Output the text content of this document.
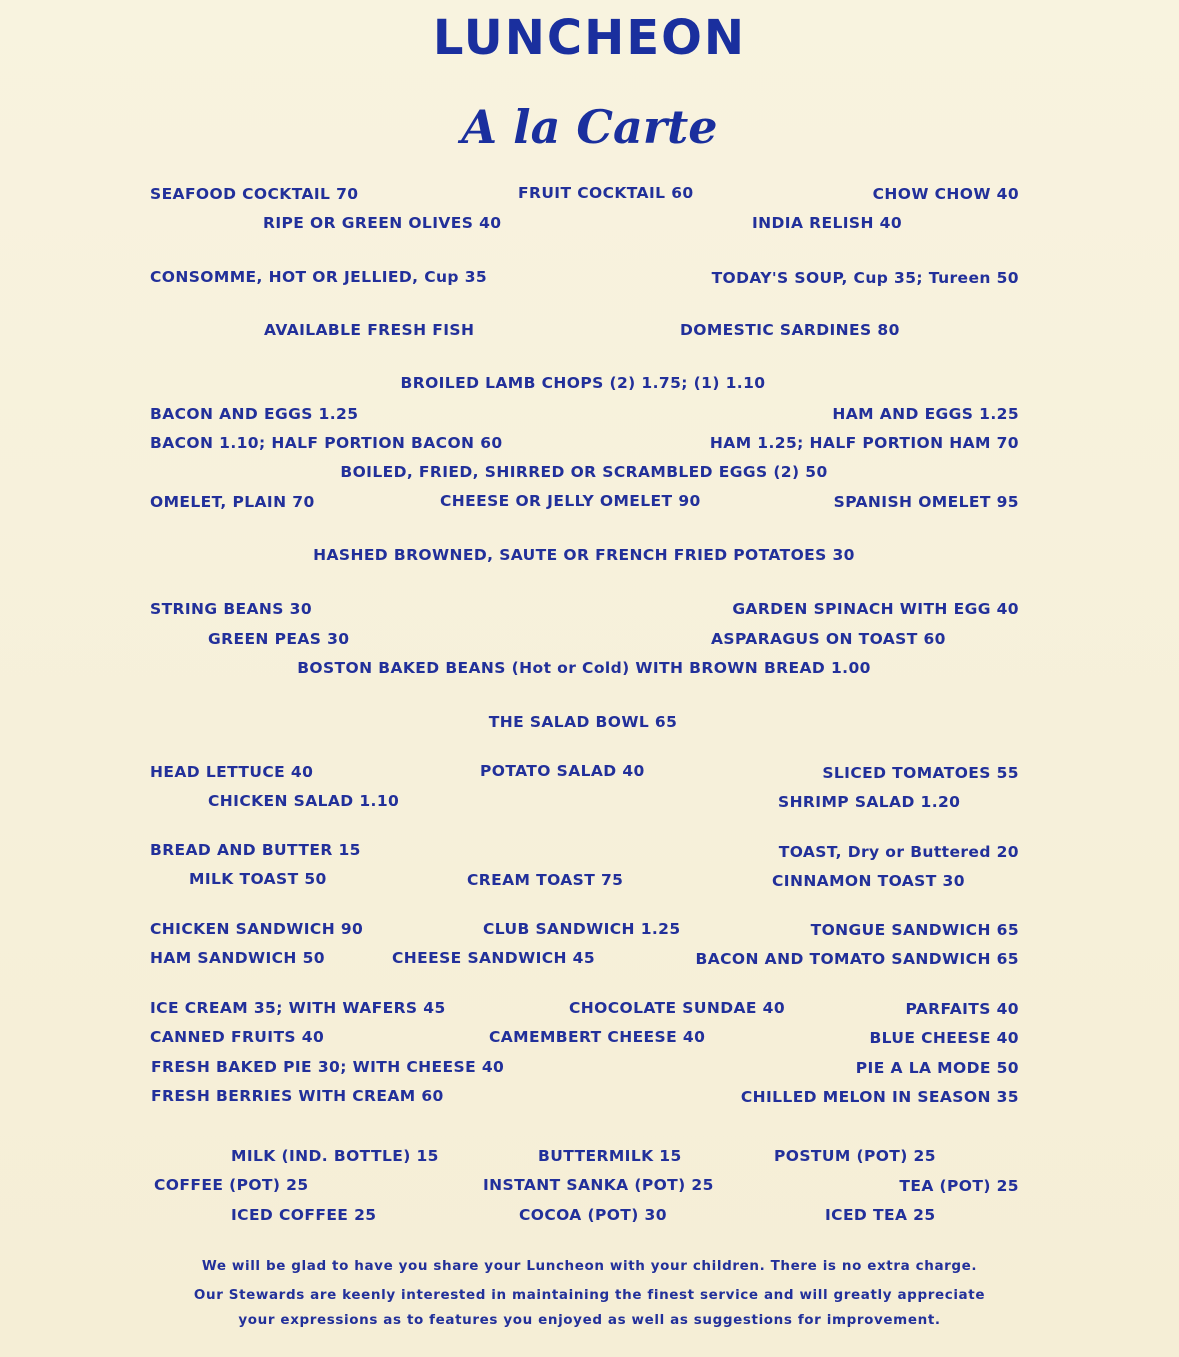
LUNCHEON
A la Carte
SEAFOOD COCKTAIL 70	FRUIT COCKTAIL 60	CHOW CHOW 40
RIPE OR GREEN OLIVES 40	INDIA RELISH 40
CONSOMME, HOT OR JELLIED, Cup 35	TODAY'S SOUP, Cup 35; Tureen 50
AVAILABLE FRESH FISH	DOMESTIC SARDINES 80
BROILED LAMB CHOPS (2) 1.75; (1) 1.10
BACON AND EGGS 1.25	HAM AND EGGS 1.25
BACON 1.10; HALF PORTION BACON 60	HAM 1.25; HALF PORTION HAM 70
BOILED, FRIED, SHIRRED OR SCRAMBLED EGGS (2) 50
OMELET, PLAIN 70	CHEESE OR JELLY OMELET 90	SPANISH OMELET 95
HASHED BROWNED, SAUTE OR FRENCH FRIED POTATOES 30
STRING BEANS 30	GARDEN SPINACH WITH EGG 40
GREEN PEAS 30	ASPARAGUS ON TOAST 60
BOSTON BAKED BEANS (Hot or Cold) WITH BROWN BREAD 1.00
THE SALAD BOWL 65
HEAD LETTUCE 40	POTATO SALAD 40	SLICED TOMATOES 55
CHICKEN SALAD 1.10	SHRIMP SALAD 1.20
BREAD AND BUTTER 15	TOAST, Dry or Buttered 20
MILK TOAST 50	CREAM TOAST 75	CINNAMON TOAST 30
CHICKEN SANDWICH 90	CLUB SANDWICH 1.25	TONGUE SANDWICH 65
HAM SANDWICH 50	CHEESE SANDWICH 45	BACON AND TOMATO SANDWICH 65
ICE CREAM 35; WITH WAFERS 45	CHOCOLATE SUNDAE 40	PARFAITS 40
CANNED FRUITS 40	CAMEMBERT CHEESE 40	BLUE CHEESE 40
FRESH BAKED PIE 30; WITH CHEESE 40	PIE A LA MODE 50
FRESH BERRIES WITH CREAM 60	CHILLED MELON IN SEASON 35
MILK (IND. BOTTLE) 15	BUTTERMILK 15	POSTUM (POT) 25
COFFEE (POT) 25	INSTANT SANKA (POT) 25	TEA (POT) 25
ICED COFFEE 25	COCOA (POT) 30	ICED TEA 25
We will be glad to have you share your Luncheon with your children. There is no extra charge.
Our Stewards are keenly interested in maintaining the finest service and will greatly appreciate
your expressions as to features you enjoyed as well as suggestions for improvement.
